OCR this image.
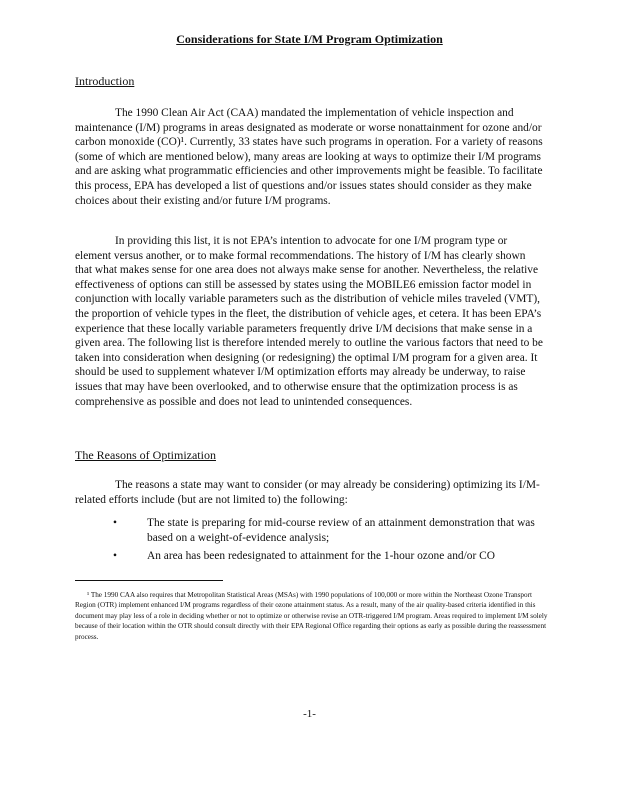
Considerations for State I/M Program Optimization
Introduction

The 1990 Clean Air Act (CAA) mandated the implementation of vehicle inspection and maintenance (I/M) programs in areas designated as moderate or worse nonattainment for ozone and/or carbon monoxide (CO)¹. Currently, 33 states have such programs in operation. For a variety of reasons (some of which are mentioned below), many areas are looking at ways to optimize their I/M programs and are asking what programmatic efficiencies and other improvements might be feasible. To facilitate this process, EPA has developed a list of questions and/or issues states should consider as they make choices about their existing and/or future I/M programs.

In providing this list, it is not EPA’s intention to advocate for one I/M program type or element versus another, or to make formal recommendations. The history of I/M has clearly shown that what makes sense for one area does not always make sense for another. Nevertheless, the relative effectiveness of options can still be assessed by states using the MOBILE6 emission factor model in conjunction with locally variable parameters such as the distribution of vehicle miles traveled (VMT), the proportion of vehicle types in the fleet, the distribution of vehicle ages, et cetera. It has been EPA’s experience that these locally variable parameters frequently drive I/M decisions that make sense in a given area. The following list is therefore intended merely to outline the various factors that need to be taken into consideration when designing (or redesigning) the optimal I/M program for a given area. It should be used to supplement whatever I/M optimization efforts may already be underway, to raise issues that may have been overlooked, and to otherwise ensure that the optimization process is as comprehensive as possible and does not lead to unintended consequences.

The Reasons of Optimization

The reasons a state may want to consider (or may already be considering) optimizing its I/M-related efforts include (but are not limited to) the following:

•	The state is preparing for mid-course review of an attainment demonstration that was based on a weight-of-evidence analysis;
•	An area has been redesignated to attainment for the 1-hour ozone and/or CO

¹ The 1990 CAA also requires that Metropolitan Statistical Areas (MSAs) with 1990 populations of 100,000 or more within the Northeast Ozone Transport Region (OTR) implement enhanced I/M programs regardless of their ozone attainment status. As a result, many of the air quality-based criteria identified in this document may play less of a role in deciding whether or not to optimize or otherwise revise an OTR-triggered I/M program. Areas required to implement I/M solely because of their location within the OTR should consult directly with their EPA Regional Office regarding their options as early as possible during the reassessment process.

-1-
